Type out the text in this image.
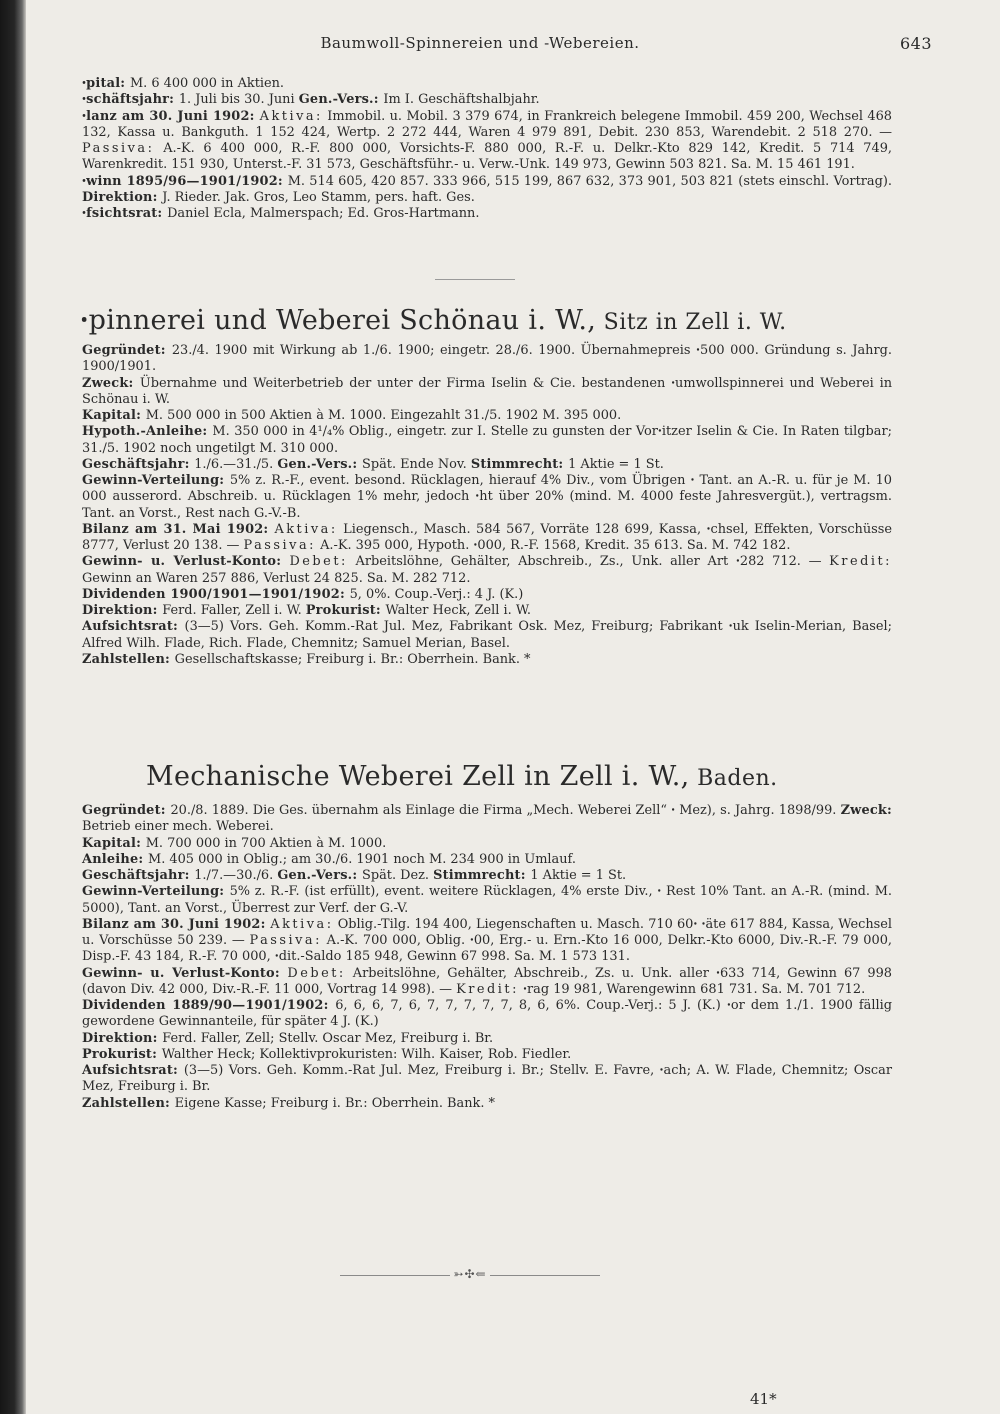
Baumwoll-Spinnereien und -Webereien.	643

ꞏpital: M. 6 400 000 in Aktien.

ꞏschäftsjahr: 1. Juli bis 30. Juni Gen.-Vers.: Im I. Geschäftshalbjahr.

ꞏlanz am 30. Juni 1902: Aktiva: Immobil. u. Mobil. 3 379 674, in Frankreich belegene Immobil. 459 200, Wechsel 468 132, Kassa u. Bankguth. 1 152 424, Wertp. 2 272 444, Waren 4 979 891, Debit. 230 853, Warendebit. 2 518 270. — Passiva: A.-K. 6 400 000, R.-F. 800 000, Vorsichts-F. 880 000, R.-F. u. Delkr.-Kto 829 142, Kredit. 5 714 749, Warenkredit. 151 930, Unterst.-F. 31 573, Geschäftsführ.- u. Verw.-Unk. 149 973, Gewinn 503 821. Sa. M. 15 461 191.

ꞏwinn 1895/96—1901/1902: M. 514 605, 420 857. 333 966, 515 199, 867 632, 373 901, 503 821 (stets einschl. Vortrag). Direktion: J. Rieder. Jak. Gros, Leo Stamm, pers. haft. Ges.

ꞏfsichtsrat: Daniel Ecla, Malmerspach; Ed. Gros-Hartmann.

ꞏpinnerei und Weberei Schönau i. W., Sitz in Zell i. W.

Gegründet: 23./4. 1900 mit Wirkung ab 1./6. 1900; eingetr. 28./6. 1900. Übernahmepreis ꞏ500 000. Gründung s. Jahrg. 1900/1901.

Zweck: Übernahme und Weiterbetrieb der unter der Firma Iselin & Cie. bestandenen ꞏumwollspinnerei und Weberei in Schönau i. W.

Kapital: M. 500 000 in 500 Aktien à M. 1000. Eingezahlt 31./5. 1902 M. 395 000.

Hypoth.-Anleihe: M. 350 000 in 4¹/₄% Oblig., eingetr. zur I. Stelle zu gunsten der Vorꞏitzer Iselin & Cie. In Raten tilgbar; 31./5. 1902 noch ungetilgt M. 310 000.

Geschäftsjahr: 1./6.—31./5. Gen.-Vers.: Spät. Ende Nov. Stimmrecht: 1 Aktie = 1 St.

Gewinn-Verteilung: 5% z. R.-F., event. besond. Rücklagen, hierauf 4% Div., vom Übrigen ꞏ Tant. an A.-R. u. für je M. 10 000 ausserord. Abschreib. u. Rücklagen 1% mehr, jedoch ꞏht über 20% (mind. M. 4000 feste Jahresvergüt.), vertragsm. Tant. an Vorst., Rest nach G.-V.-B.

Bilanz am 31. Mai 1902: Aktiva: Liegensch., Masch. 584 567, Vorräte 128 699, Kassa, ꞏchsel, Effekten, Vorschüsse 8777, Verlust 20 138. — Passiva: A.-K. 395 000, Hypoth. ꞏ000, R.-F. 1568, Kredit. 35 613. Sa. M. 742 182.

Gewinn- u. Verlust-Konto: Debet: Arbeitslöhne, Gehälter, Abschreib., Zs., Unk. aller Art ꞏ282 712. — Kredit: Gewinn an Waren 257 886, Verlust 24 825. Sa. M. 282 712.

Dividenden 1900/1901—1901/1902: 5, 0%. Coup.-Verj.: 4 J. (K.)

Direktion: Ferd. Faller, Zell i. W. Prokurist: Walter Heck, Zell i. W.

Aufsichtsrat: (3—5) Vors. Geh. Komm.-Rat Jul. Mez, Fabrikant Osk. Mez, Freiburg; Fabrikant ꞏuk Iselin-Merian, Basel; Alfred Wilh. Flade, Rich. Flade, Chemnitz; Samuel Merian, Basel.

Zahlstellen: Gesellschaftskasse; Freiburg i. Br.: Oberrhein. Bank. *

Mechanische Weberei Zell in Zell i. W., Baden.

Gegründet: 20./8. 1889. Die Ges. übernahm als Einlage die Firma „Mech. Weberei Zell“ ꞏ Mez), s. Jahrg. 1898/99. Zweck: Betrieb einer mech. Weberei.

Kapital: M. 700 000 in 700 Aktien à M. 1000.

Anleihe: M. 405 000 in Oblig.; am 30./6. 1901 noch M. 234 900 in Umlauf.

Geschäftsjahr: 1./7.—30./6. Gen.-Vers.: Spät. Dez. Stimmrecht: 1 Aktie = 1 St.

Gewinn-Verteilung: 5% z. R.-F. (ist erfüllt), event. weitere Rücklagen, 4% erste Div., ꞏ Rest 10% Tant. an A.-R. (mind. M. 5000), Tant. an Vorst., Überrest zur Verf. der G.-V.

Bilanz am 30. Juni 1902: Aktiva: Oblig.-Tilg. 194 400, Liegenschaften u. Masch. 710 60ꞏ ꞏäte 617 884, Kassa, Wechsel u. Vorschüsse 50 239. — Passiva: A.-K. 700 000, Oblig. ꞏ00, Erg.- u. Ern.-Kto 16 000, Delkr.-Kto 6000, Div.-R.-F. 79 000, Disp.-F. 43 184, R.-F. 70 000, ꞏdit.-Saldo 185 948, Gewinn 67 998. Sa. M. 1 573 131.

Gewinn- u. Verlust-Konto: Debet: Arbeitslöhne, Gehälter, Abschreib., Zs. u. Unk. aller ꞏ633 714, Gewinn 67 998 (davon Div. 42 000, Div.-R.-F. 11 000, Vortrag 14 998). — Kredit: ꞏrag 19 981, Warengewinn 681 731. Sa. M. 701 712.

Dividenden 1889/90—1901/1902: 6, 6, 6, 7, 6, 7, 7, 7, 7, 7, 8, 6, 6%. Coup.-Verj.: 5 J. (K.) ꞏor dem 1./1. 1900 fällig gewordene Gewinnanteile, für später 4 J. (K.)

Direktion: Ferd. Faller, Zell; Stellv. Oscar Mez, Freiburg i. Br.

Prokurist: Walther Heck; Kollektivprokuristen: Wilh. Kaiser, Rob. Fiedler.

Aufsichtsrat: (3—5) Vors. Geh. Komm.-Rat Jul. Mez, Freiburg i. Br.; Stellv. E. Favre, ꞏach; A. W. Flade, Chemnitz; Oscar Mez, Freiburg i. Br.

Zahlstellen: Eigene Kasse; Freiburg i. Br.: Oberrhein. Bank. *

➳✣⇐
41*
